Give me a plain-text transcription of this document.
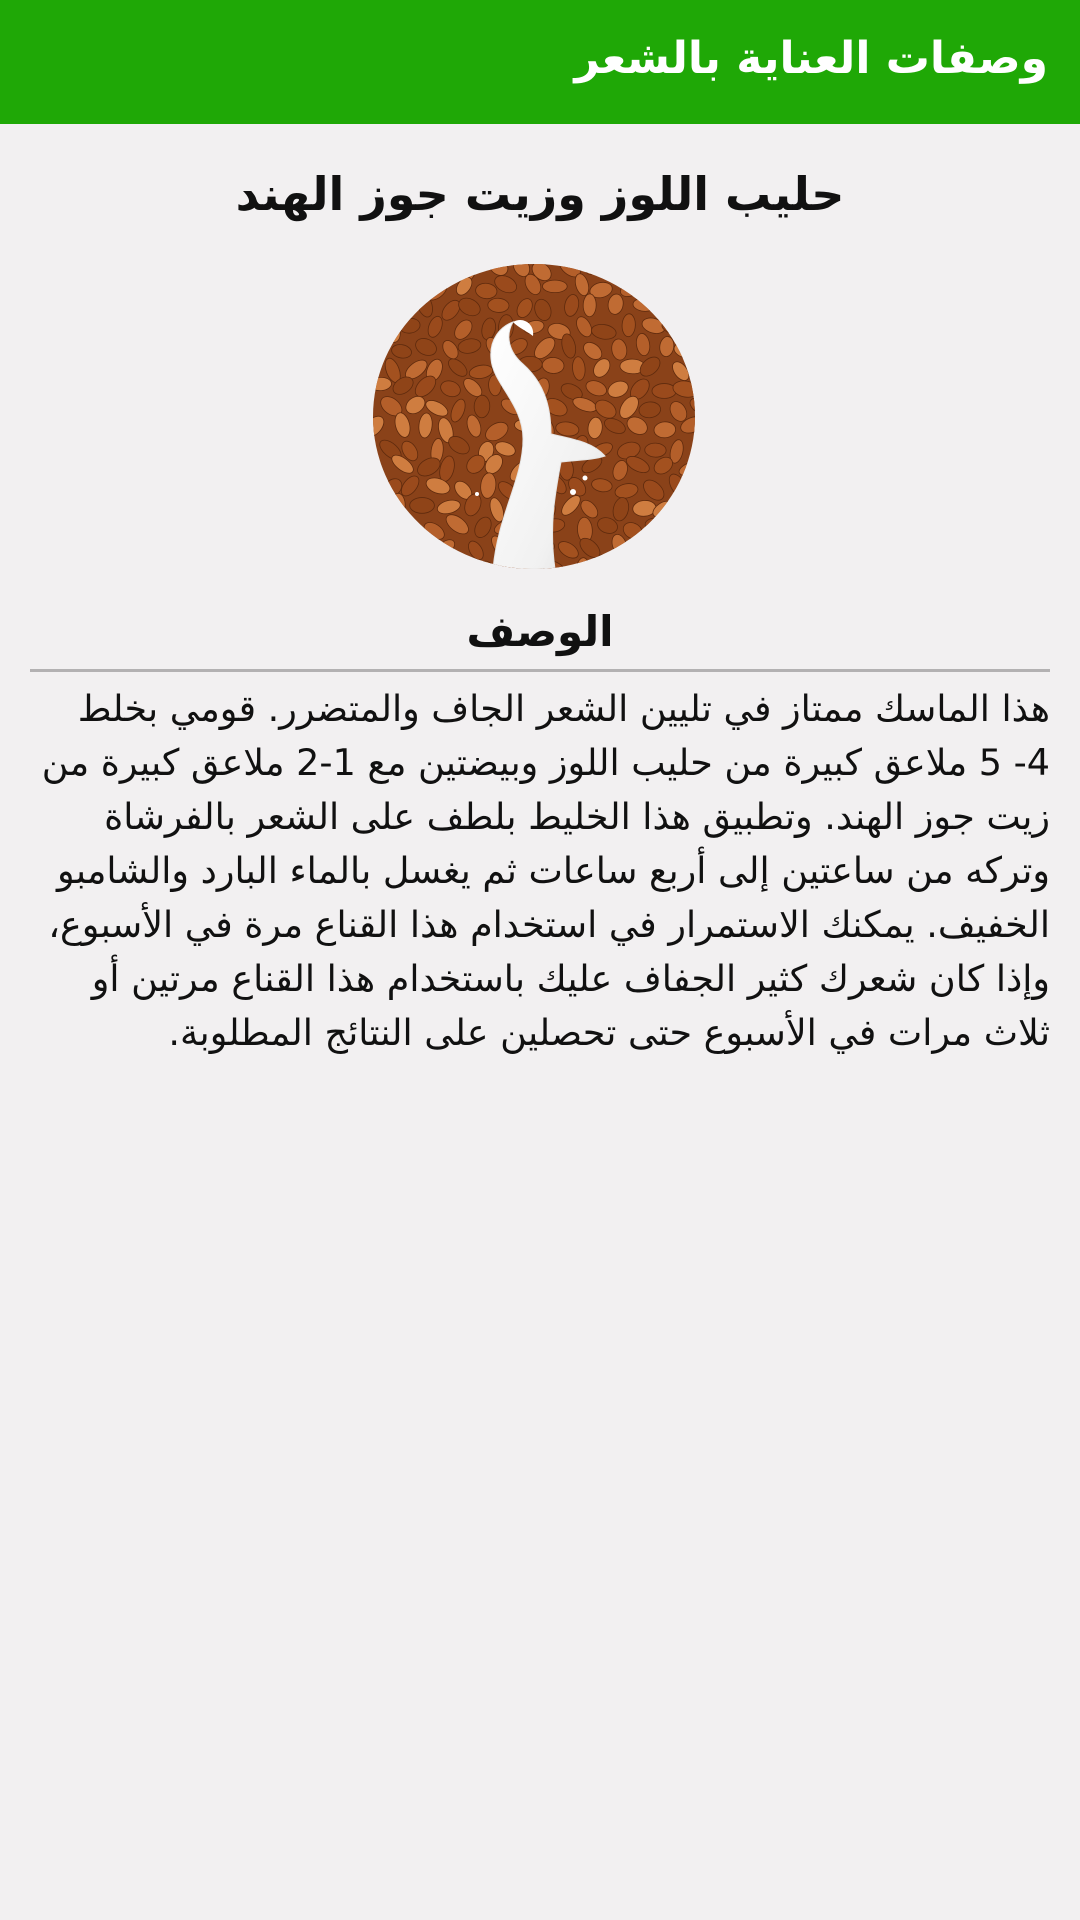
وصفات العناية بالشعر
حليب اللوز وزيت جوز الهند
الوصف

هذا الماسك ممتاز في تليين الشعر الجاف والمتضرر. قومي بخلط 4- 5 ملاعق كبيرة من حليب اللوز وبيضتين مع 1-2 ملاعق كبيرة من زيت جوز الهند. وتطبيق هذا الخليط بلطف على الشعر بالفرشاة وتركه من ساعتين إلى أربع ساعات ثم يغسل بالماء البارد والشامبو الخفيف. يمكنك الاستمرار في استخدام هذا القناع مرة في الأسبوع، وإذا كان شعرك كثير الجفاف عليك باستخدام هذا القناع مرتين أو ثلاث مرات في الأسبوع حتى تحصلين على النتائج المطلوبة.
